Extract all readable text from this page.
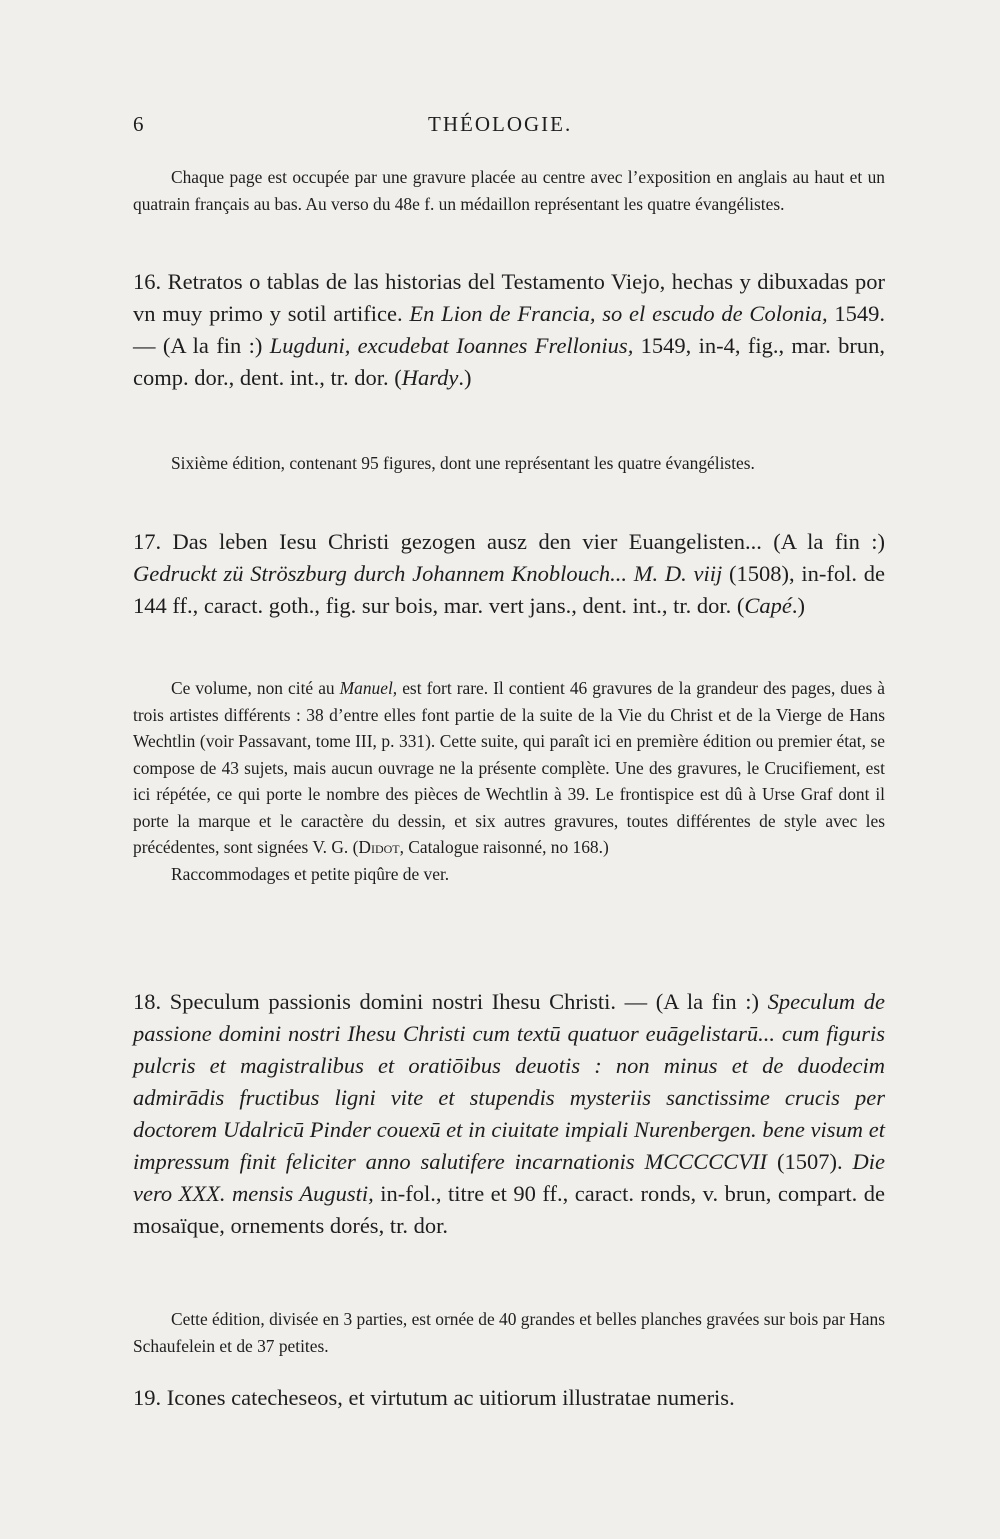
6	THÉOLOGIE.

Chaque page est occupée par une gravure placée au centre avec l’exposition en anglais au haut et un quatrain français au bas. Au verso du 48e f. un médaillon représentant les quatre évangélistes.

16. Retratos o tablas de las historias del Testamento Viejo, hechas y dibuxadas por vn muy primo y sotil artifice. En Lion de Francia, so el escudo de Colonia, 1549. — (A la fin :) Lugduni, excudebat Ioannes Frellonius, 1549, in-4, fig., mar. brun, comp. dor., dent. int., tr. dor. (Hardy.)

Sixième édition, contenant 95 figures, dont une représentant les quatre évangélistes.

17. Das leben Iesu Christi gezogen ausz den vier Euangelisten... (A la fin :) Gedruckt zü Ströszburg durch Johannem Knoblouch... M. D. viij (1508), in-fol. de 144 ff., caract. goth., fig. sur bois, mar. vert jans., dent. int., tr. dor. (Capé.)

Ce volume, non cité au Manuel, est fort rare. Il contient 46 gravures de la grandeur des pages, dues à trois artistes différents : 38 d’entre elles font partie de la suite de la Vie du Christ et de la Vierge de Hans Wechtlin (voir Passavant, tome III, p. 331). Cette suite, qui paraît ici en première édition ou premier état, se compose de 43 sujets, mais aucun ouvrage ne la présente complète. Une des gravures, le Crucifiement, est ici répétée, ce qui porte le nombre des pièces de Wechtlin à 39. Le frontispice est dû à Urse Graf dont il porte la marque et le caractère du dessin, et six autres gravures, toutes différentes de style avec les précédentes, sont signées V. G. (Didot, Catalogue raisonné, no 168.)

Raccommodages et petite piqûre de ver.

18. Speculum passionis domini nostri Ihesu Christi. — (A la fin :) Speculum de passione domini nostri Ihesu Christi cum textū quatuor euāgelistarū... cum figuris pulcris et magistralibus et oratiōibus deuotis : non minus et de duodecim admirādis fructibus ligni vite et stupendis mysteriis sanctissime crucis per doctorem Udalricū Pinder couexū et in ciuitate impiali Nurenbergen. bene visum et impressum finit feliciter anno salutifere incarnationis MCCCCCVII (1507). Die vero XXX. mensis Augusti, in-fol., titre et 90 ff., caract. ronds, v. brun, compart. de mosaïque, ornements dorés, tr. dor.

Cette édition, divisée en 3 parties, est ornée de 40 grandes et belles planches gravées sur bois par Hans Schaufelein et de 37 petites.

19. Icones catecheseos, et virtutum ac uitiorum illustratae numeris.
